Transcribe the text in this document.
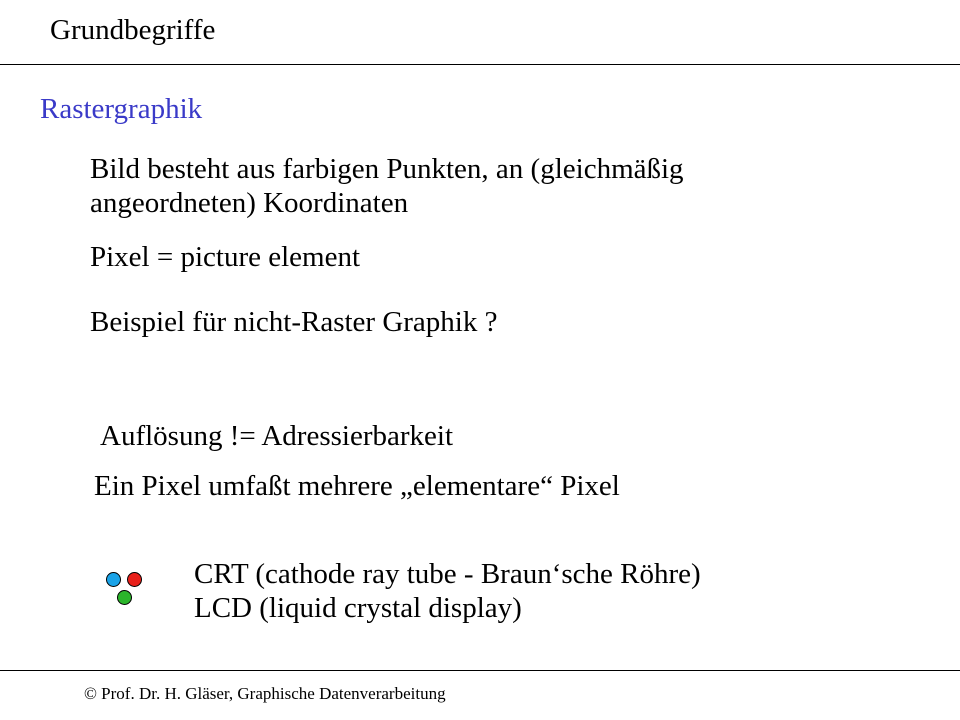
Grundbegriffe
Rastergraphik
Bild besteht aus farbigen Punkten, an (gleichmäßig
angeordneten) Koordinaten
Pixel = picture element
Beispiel für nicht-Raster Graphik ?
Auflösung != Adressierbarkeit
Ein Pixel umfaßt mehrere „elementare“ Pixel
CRT (cathode ray tube - Braun‘sche Röhre)
LCD (liquid crystal display)
© Prof. Dr. H. Gläser, Graphische Datenverarbeitung
